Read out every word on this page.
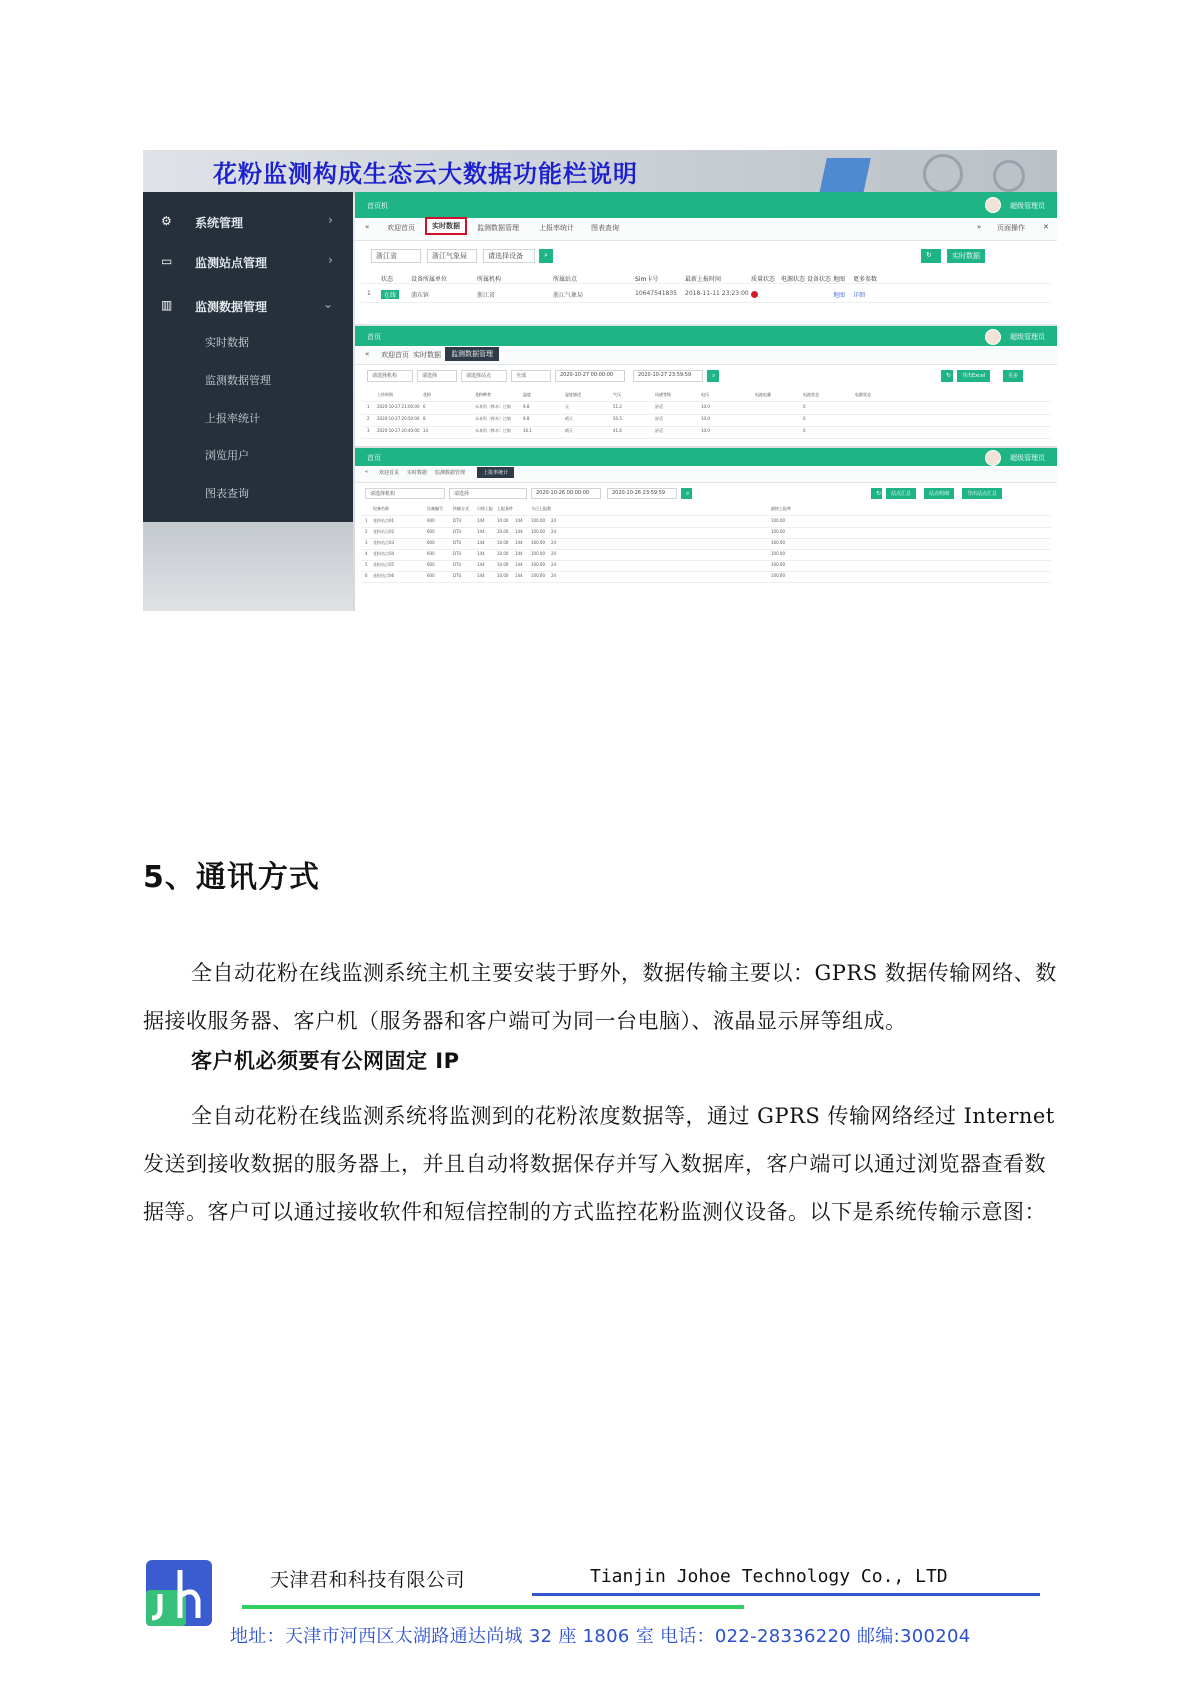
花粉监测构成生态云大数据功能栏说明
⚙ 系统管理	›
▭ 监测站点管理	›
▥ 监测数据管理	⌄
实时数据
监测数据管理
上报率统计
浏览用户
图表查询
首页机	超级管理员
«	欢迎首页	实时数据	监测数据管理	上报率统计 图表查询	» 页面操作	✕
浙江省	浙江气象局	请选择设备	⌕	↻	实时数据
状态	设备所属单位	所属机构	所属站点	Sim卡号	最新上报时间	质量状态 电源状态 设备状态 地图 更多参数
1	在线	浦东镇	浙江省	浙江气象局	10647541835 2018-11-11 23:23:00	地图 详细
首页	超级管理员
« 欢迎首页 实时数据	监测数据管理
请选择机构	请选择	请选择站点	全部	2020-10-27 00:00:00	2020-10-27 23:59:59	⌕	↻	导出Excel	更多
上传时间	花粉	花粉种类	温度	湿度描述	气压	风速等级	电压	电池电量	电池状态	电源状态
1 2020-10-27 21:00:00 6	禾本科（桦木）过敏	9.8	无	51.2	舒适	10.0	0
2 2020-10-27 20:50:00 8	禾本科（桦木）过敏	9.8	晴天	50.5	舒适	10.0	0
3 2020-10-27 20:40:00 14	禾本科（桦木）过敏	10.1	晴天	41.6	舒适	10.0	0
首页	超级管理员
« 欢迎首页 实时数据 监测数据管理	上报率统计
请选择机构	请选择	2020-10-26 00:00:00	2020-10-26 23:59:59	⌕	↻	站点汇总	站点明细	导出站点汇总
设备名称	设备编号	传输方式 日终上报 上报条件	今日上报数	最终上报率
1 花粉站点01	600	DTU	144	10.00 144 100.00 24	100.00
2 花粉站点02	600	DTU	144	10.00 144 100.00 24	100.00
3 花粉站点03	600	DTU	144	10.00 144 100.00 24	100.00
4 花粉站点04	600	DTU	144	10.00 144 100.00 24	100.00
5 花粉站点05	600	DTU	144	10.00 144 100.00 24	100.00
6 花粉站点06	600	DTU	144	10.00 144 100.00 24	100.00
5、通讯方式
全自动花粉在线监测系统主机主要安装于野外，数据传输主要以：GPRS 数据传输网络、数据接收服务器、客户机（服务器和客户端可为同一台电脑）、液晶显示屏等组成。
客户机必须要有公网固定 IP
全自动花粉在线监测系统将监测到的花粉浓度数据等，通过 GPRS 传输网络经过 Internet 发送到接收数据的服务器上，并且自动将数据保存并写入数据库，客户端可以通过浏览器查看数据等。客户可以通过接收软件和短信控制的方式监控花粉监测仪设备。以下是系统传输示意图：
天津君和科技有限公司	Tianjin Johoe Technology Co., LTD
地址：天津市河西区太湖路通达尚城 32 座 1806 室 电话：022-28336220 邮编:300204
